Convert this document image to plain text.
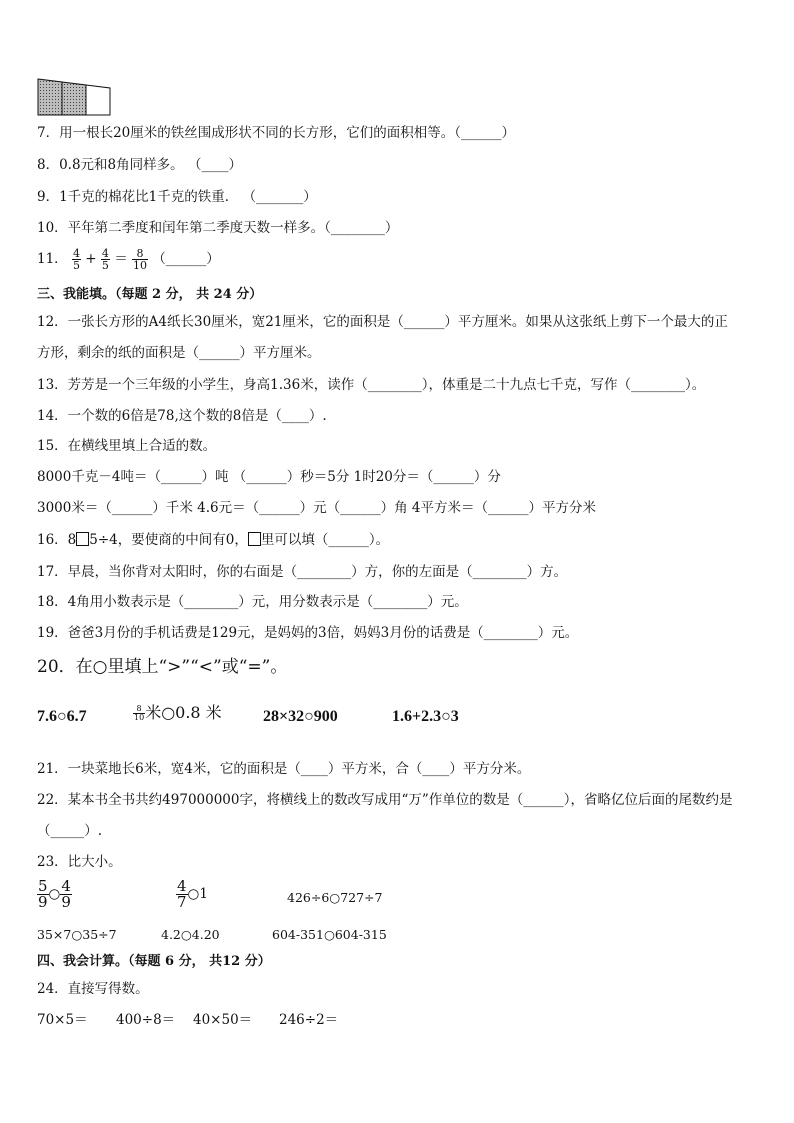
7．用一根长20厘米的铁丝围成形状不同的长方形，它们的面积相等。（______）
8．0.8元和8角同样多。 （____）
9．1千克的棉花比1千克的铁重． （_______）
10．平年第二季度和闰年第二季度天数一样多。（________）
11． $\frac{4}{5} + \frac{4}{5} = \frac{8}{10}$ （______）
三、我能填。（每题 2 分， 共 24 分）
12．一张长方形的A4纸长30厘米，宽21厘米，它的面积是（______）平方厘米。如果从这张纸上剪下一个最大的正
方形，剩余的纸的面积是（______）平方厘米。
13．芳芳是一个三年级的小学生，身高1.36米，读作（________），体重是二十九点七千克，写作（________）。
14．一个数的6倍是78,这个数的8倍是（____）.
15．在横线里填上合适的数。
8000千克－4吨＝（______）吨 （______）秒＝5分 1时20分＝（______）分
3000米＝（______）千米 4.6元＝（______）元（______）角 4平方米＝（______）平方分米
16．8 5÷4，要使商的中间有0， 里可以填（______）。
17．早晨，当你背对太阳时，你的右面是（________）方，你的左面是（________）方。
18．4角用小数表示是（________）元，用分数表示是（________）元。
19．爸爸3月份的手机话费是129元，是妈妈的3倍，妈妈3月份的话费是（________）元。
20．在○里填上“>”“<”或“=”。
7.6○6.7	$\frac{8}{10}$ 米○0.8 米	28×32○900	1.6+2.3○3
21．一块菜地长6米，宽4米，它的面积是（____）平方米，合（____）平方分米。
22．某本书全书共约497000000字，将横线上的数改写成用“万”作单位的数是（______），省略亿位后面的尾数约是
（_____）.
23．比大小。
$\frac{5}{9}$ ○ $\frac{4}{9}$	$\frac{4}{7}$ ○1	426÷6○727÷7
35×7○35÷7	4.2○4.20	604-351○604-315
四、我会计算。（每题 6 分， 共12 分）
24．直接写得数。
70×5＝ 400÷8＝ 40×50＝ 246÷2＝
